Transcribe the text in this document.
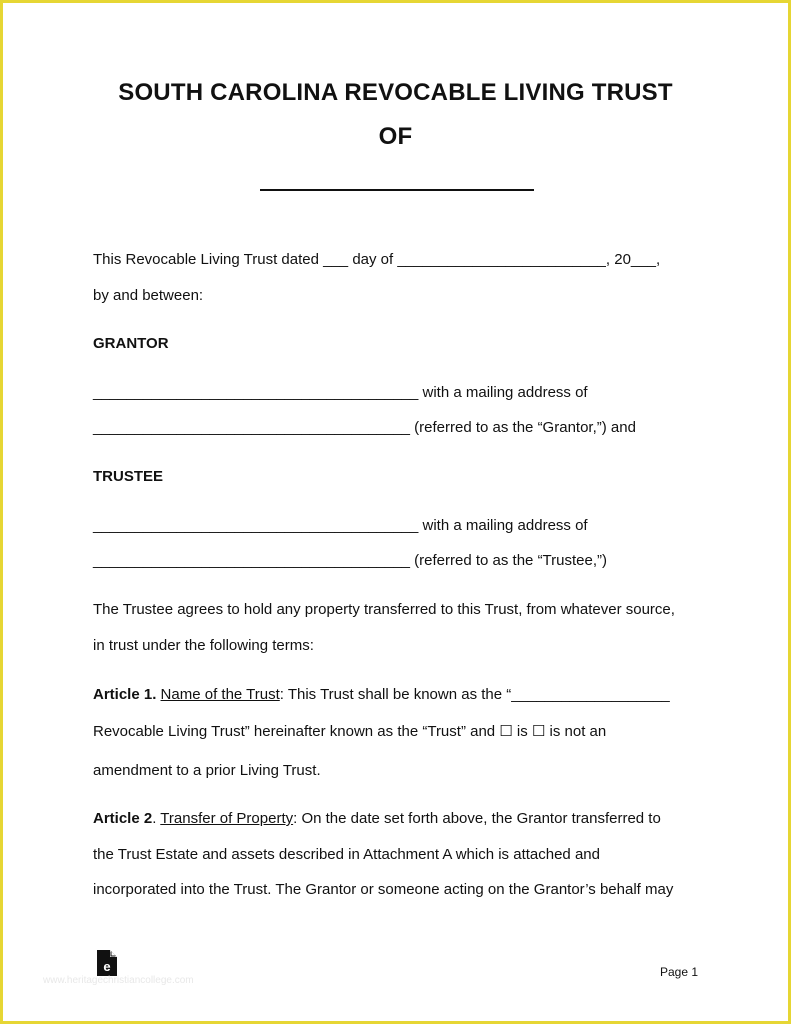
SOUTH CAROLINA REVOCABLE LIVING TRUST
OF

This Revocable Living Trust dated ___ day of _________________________, 20___,

by and between:

GRANTOR

_______________________________________ with a mailing address of

______________________________________ (referred to as the “Grantor,”) and

TRUSTEE

_______________________________________ with a mailing address of

______________________________________ (referred to as the “Trustee,”)

The Trustee agrees to hold any property transferred to this Trust, from whatever source,

in trust under the following terms:

Article 1. Name of the Trust: This Trust shall be known as the “___________________

Revocable Living Trust” hereinafter known as the “Trust” and ☐ is ☐ is not an

amendment to a prior Living Trust.

Article 2. Transfer of Property: On the date set forth above, the Grantor transferred to

the Trust Estate and assets described in Attachment A which is attached and

incorporated into the Trust. The Grantor or someone acting on the Grantor’s behalf may

e
www.heritagechristiancollege.com
Page 1
